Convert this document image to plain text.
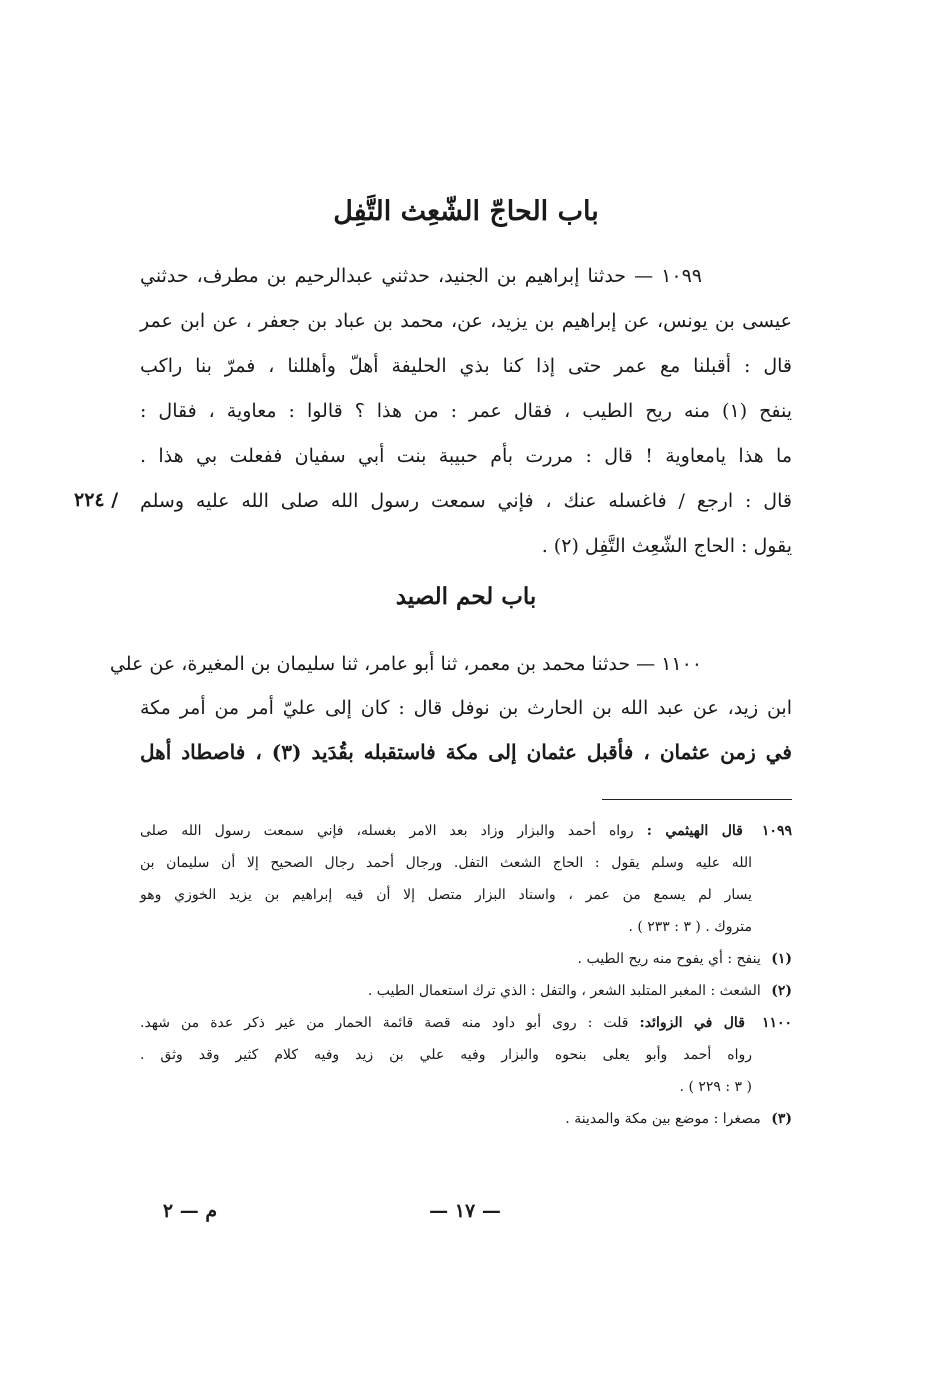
باب الحاجّ الشّعِث التَّفِل
١٠٩٩ — حدثنا إبراهيم بن الجنيد، حدثني عبدالرحيم بن مطرف، حدثني
عيسى بن يونس، عن إبراهيم بن يزيد، عن، محمد بن عباد بن جعفر ، عن ابن عمر
قال : أقبلنا مع عمر حتى إذا كنا بذي الحليفة أهلّ وأهللنا ، فمرّ بنا راكب
ينفح (١) منه ريح الطيب ، فقال عمر : من هذا ؟ قالوا : معاوية ، فقال :
ما هذا يامعاوية ! قال : مررت بأم حبيبة بنت أبي سفيان ففعلت بي هذا .
قال : ارجع / فاغسله عنك ، فإني سمعت رسول الله صلى الله عليه وسلم
يقول : الحاج الشّعِث التَّفِل (٢) .
/ ٢٢٤
باب لحم الصيد
١١٠٠ — حدثنا محمد بن معمر، ثنا أبو عامر، ثنا سليمان بن المغيرة، عن علي
ابن زيد، عن عبد الله بن الحارث بن نوفل قال : كان إلى عليّ أمر من أمر مكة
في زمن عثمان ، فأقبل عثمان إلى مكة فاستقبله بقُدَيد (٣) ، فاصطاد أهل
١٠٩٩ قال الهيثمي : رواه أحمد والبزار وزاد بعد الامر بغسله، فإني سمعت رسول الله صلى
الله عليه وسلم يقول : الحاج الشعث التفل. ورجال أحمد رجال الصحيح إلا أن سليمان بن
يسار لم يسمع من عمر ، واسناد البزار متصل إلا أن فيه إبراهيم بن يزيد الخوزي وهو
متروك . ( ٣ : ٢٣٣ ) .
(١) ينفح : أي يفوح منه ريح الطيب .
(٢) الشعث : المغبر المتلبد الشعر ، والتفل : الذي ترك استعمال الطيب .
١١٠٠ قال في الزوائد: قلت : روى أبو داود منه قصة قائمة الحمار من غير ذكر عدة من شهد.
رواه أحمد وأبو يعلى بنحوه والبزار وفيه علي بن زيد وفيه كلام كثير وقد وثق .
( ٣ : ٢٢٩ ) .
(٣) مصغرا : موضع بين مكة والمدينة .
— ١٧ —
م — ٢
